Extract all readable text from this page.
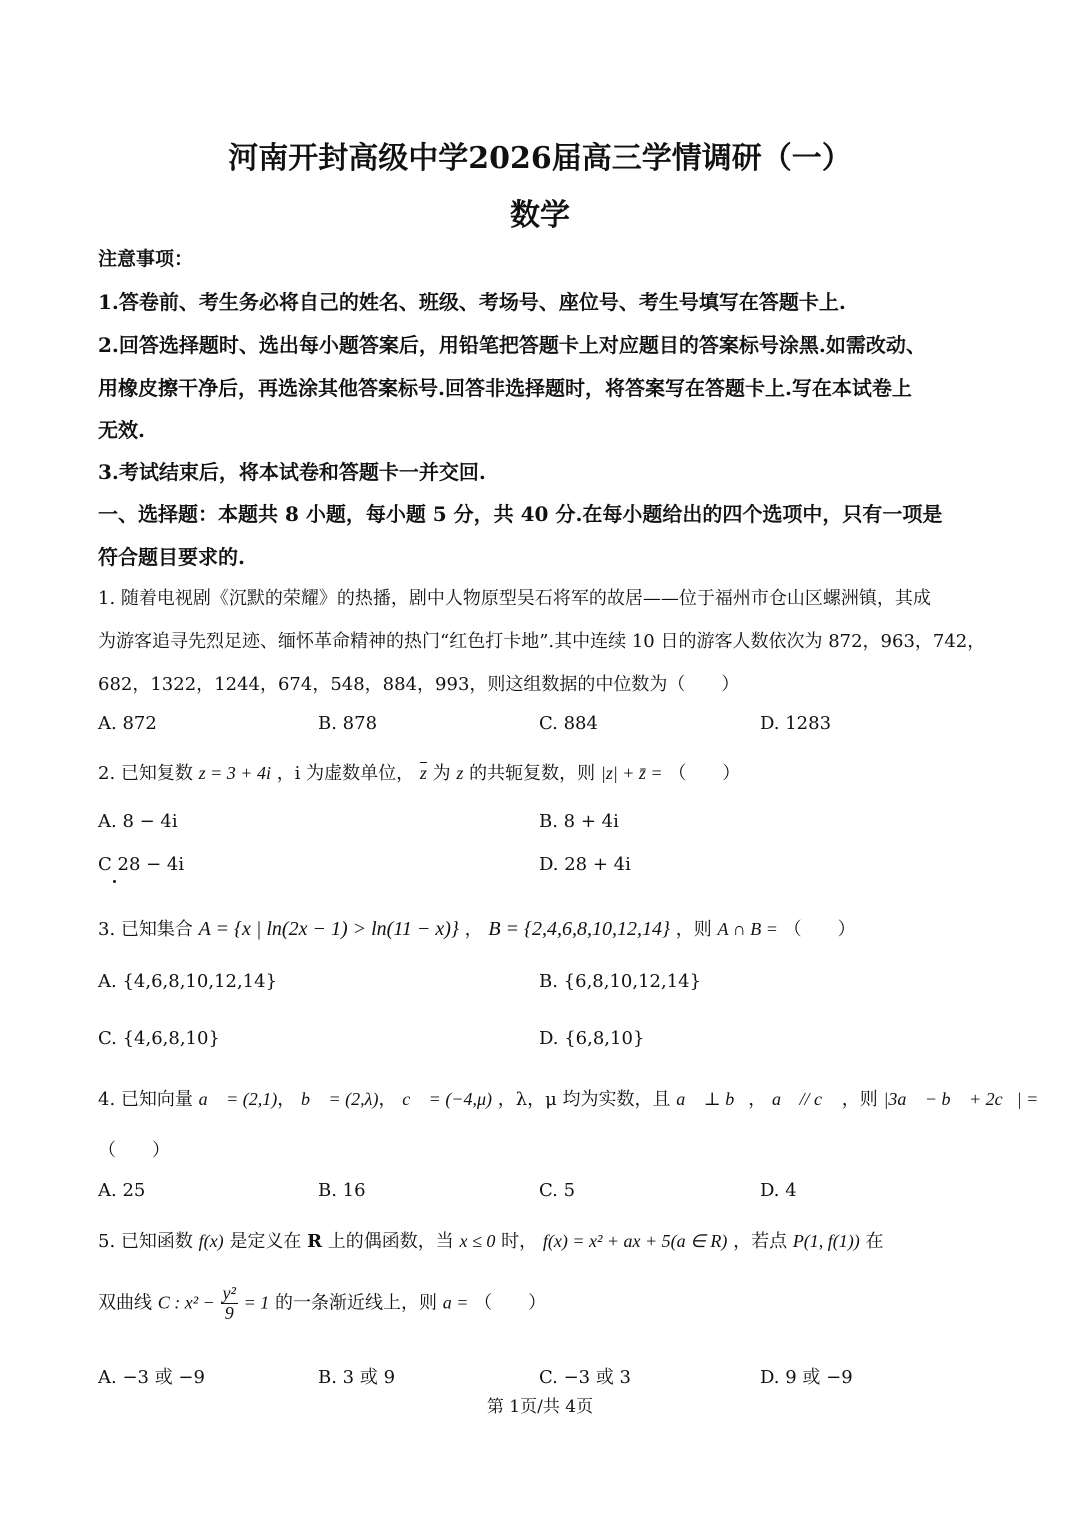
河南开封高级中学2026届高三学情调研（一）
数学
注意事项：
1.答卷前、考生务必将自己的姓名、班级、考场号、座位号、考生号填写在答题卡上.
2.回答选择题时、选出每小题答案后，用铅笔把答题卡上对应题目的答案标号涂黑.如需改动、
用橡皮擦干净后，再选涂其他答案标号.回答非选择题时，将答案写在答题卡上.写在本试卷上
无效.
3.考试结束后，将本试卷和答题卡一并交回.
一、选择题：本题共 8 小题，每小题 5 分，共 40 分.在每小题给出的四个选项中，只有一项是
符合题目要求的.
1. 随着电视剧《沉默的荣耀》的热播，剧中人物原型吴石将军的故居——位于福州市仓山区螺洲镇，其成
为游客追寻先烈足迹、缅怀革命精神的热门“红色打卡地”.其中连续 10 日的游客人数依次为 872，963，742，
682，1322，1244，674，548，884，993，则这组数据的中位数为（　　）
A. 872	B. 878	C. 884	D. 1283
2. 已知复数 z = 3 + 4i ，i 为虚数单位， $\overline{z}$ 为 z 的共轭复数，则 |z| + z̄ = （　　）
A. 8 − 4i	B. 8 + 4i
C 28 − 4i	D. 28 + 4i
3. 已知集合 A = {x | ln(2x − 1) > ln(11 − x)} ， B = {2,4,6,8,10,12,14} ，则 A ∩ B = （　　）
A. {4,6,8,10,12,14}	B. {6,8,10,12,14}
C. {4,6,8,10}	D. {6,8,10}
4. 已知向量 a⃗ = (2,1)， b⃗ = (2,λ)， c⃗ = (−4,μ) ，λ，μ 均为实数，且 a⃗ ⊥ b⃗， a⃗ // c⃗ ，则 |3a⃗ − b⃗ + 2c⃗| =
（　　）
A. 25	B. 16	C. 5	D. 4
5. 已知函数 f(x) 是定义在 R 上的偶函数，当 x ≤ 0 时， f(x) = x² + ax + 5(a ∈ R) ，若点 P(1, f(1)) 在
双曲线 C : $x^2 - \frac{\text{y²}}{9} = 1$ 的一条渐近线上，则 a = （　　）
A. −3 或 −9	B. 3 或 9	C. −3 或 3	D. 9 或 −9
第 1页/共 4页
